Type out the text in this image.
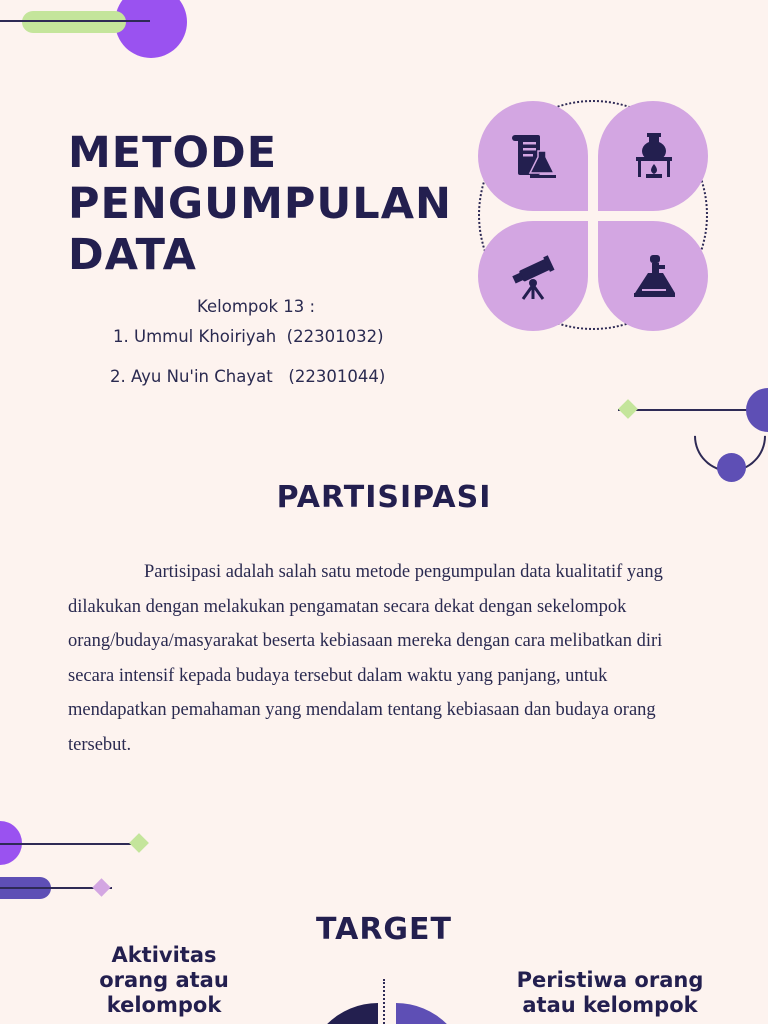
METODE
PENGUMPULAN
DATA
Kelompok 13 :
1. Ummul Khoiriyah  (22301032)
2. Ayu Nu'in Chayat   (22301044)
PARTISIPASI

Partisipasi adalah salah satu metode pengumpulan data kualitatif yang dilakukan dengan melakukan pengamatan secara dekat dengan sekelompok orang/budaya/masyarakat beserta kebiasaan mereka dengan cara melibatkan diri secara intensif kepada budaya tersebut dalam waktu yang panjang, untuk mendapatkan pemahaman yang mendalam tentang kebiasaan dan budaya orang tersebut.

TARGET
Aktivitas orang atau kelompok
Peristiwa orang atau kelompok
